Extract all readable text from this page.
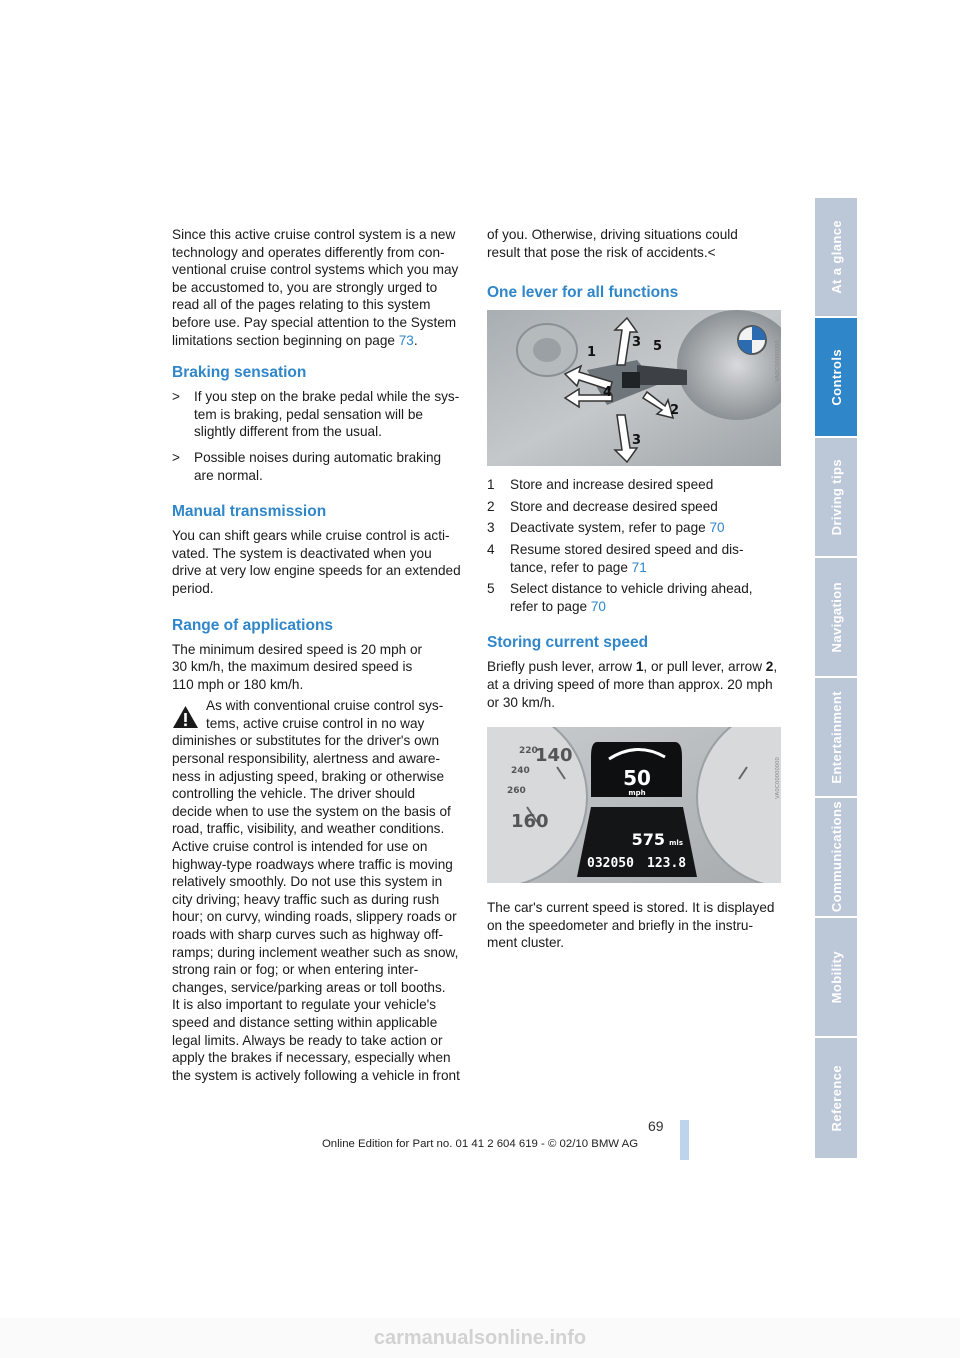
Since this active cruise control system is a new
technology and operates differently from con-
ventional cruise control systems which you may
be accustomed to, you are strongly urged to
read all of the pages relating to this system
before use. Pay special attention to the System
limitations section beginning on page 73.

Braking sensation
>	If you step on the brake pedal while the sys-
tem is braking, pedal sensation will be
slightly different from the usual.
>	Possible noises during automatic braking
are normal.
Manual transmission

You can shift gears while cruise control is acti-
vated. The system is deactivated when you
drive at very low engine speeds for an extended
period.

Range of applications

The minimum desired speed is 20 mph or
30 km/h, the maximum desired speed is
110 mph or 180 km/h.

As with conventional cruise control sys-
tems, active cruise control in no way

diminishes or substitutes for the driver's own
personal responsibility, alertness and aware-
ness in adjusting speed, braking or otherwise
controlling the vehicle. The driver should
decide when to use the system on the basis of
road, traffic, visibility, and weather conditions.
Active cruise control is intended for use on
highway-type roadways where traffic is moving
relatively smoothly. Do not use this system in
city driving; heavy traffic such as during rush
hour; on curvy, winding roads, slippery roads or
roads with sharp curves such as highway off-
ramps; during inclement weather such as snow,
strong rain or fog; or when entering inter-
changes, service/parking areas or toll booths.
It is also important to regulate your vehicle's
speed and distance setting within applicable
legal limits. Always be ready to take action or
apply the brakes if necessary, especially when
the system is actively following a vehicle in front

of you. Otherwise, driving situations could
result that pose the risk of accidents.<

One lever for all functions
3
1	5
4
2
3
VA0C00000000
1	Store and increase desired speed
2	Store and decrease desired speed
3	Deactivate system, refer to page 70
4	Resume stored desired speed and dis-
tance, refer to page 71
5	Select distance to vehicle driving ahead,
refer to page 70
Storing current speed

Briefly push lever, arrow 1, or pull lever, arrow 2,
at a driving speed of more than approx. 20 mph
or 30 km/h.

220
140
240
260
160
50
mph
575 mls
032050 123.8
VA0C00000000

The car's current speed is stored. It is displayed
on the speedometer and briefly in the instru-
ment cluster.

At a glance
Controls
Driving tips
Navigation
Entertainment
Communications
Mobility
Reference
69
Online Edition for Part no. 01 41 2 604 619 - © 02/10 BMW AG
carmanualsonline.info
